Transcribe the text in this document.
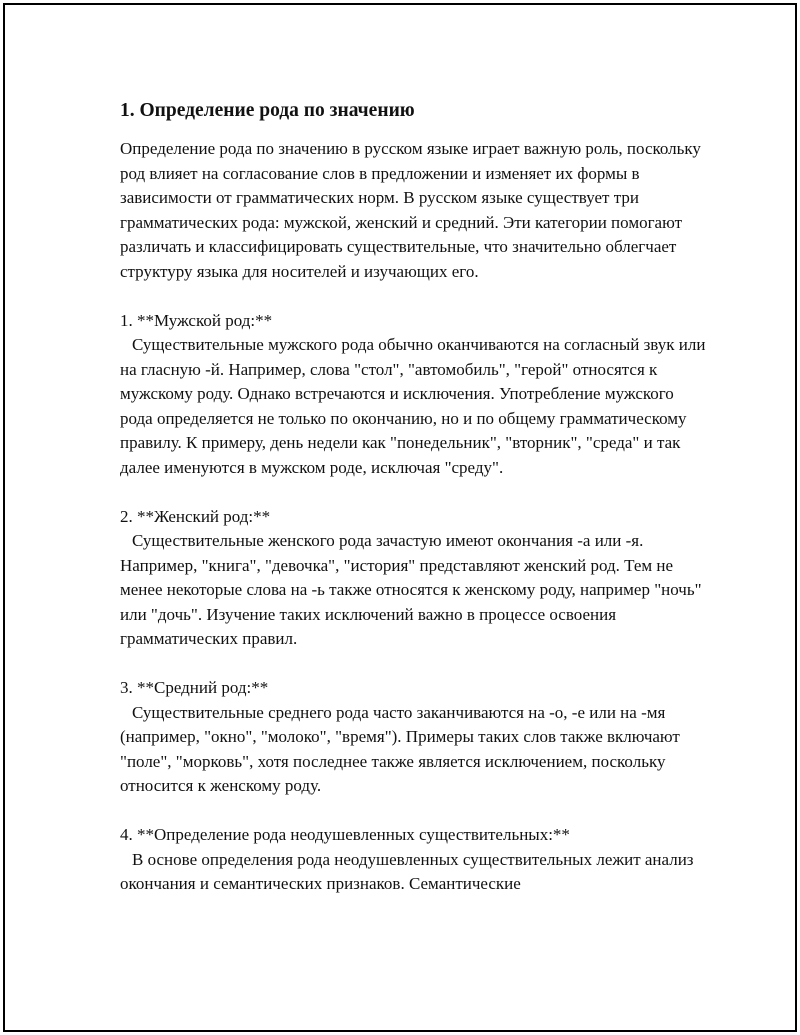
1. Определение рода по значению

Определение рода по значению в русском языке играет важную роль, поскольку род влияет на согласование слов в предложении и изменяет их формы в зависимости от грамматических норм. В русском языке существует три грамматических рода: мужской, женский и средний. Эти категории помогают различать и классифицировать существительные, что значительно облегчает структуру языка для носителей и изучающих его.

1. **Мужской род:**
Существительные мужского рода обычно оканчиваются на согласный звук или на гласную -й. Например, слова "стол", "автомобиль", "герой" относятся к мужскому роду. Однако встречаются и исключения. Употребление мужского рода определяется не только по окончанию, но и по общему грамматическому правилу. К примеру, день недели как "понедельник", "вторник", "среда" и так далее именуются в мужском роде, исключая "среду".
2. **Женский род:**
Существительные женского рода зачастую имеют окончания -а или -я. Например, "книга", "девочка", "история" представляют женский род. Тем не менее некоторые слова на -ь также относятся к женскому роду, например "ночь" или "дочь". Изучение таких исключений важно в процессе освоения грамматических правил.
3. **Средний род:**
Существительные среднего рода часто заканчиваются на -о, -е или на -мя (например, "окно", "молоко", "время"). Примеры таких слов также включают "поле", "морковь", хотя последнее также является исключением, поскольку относится к женскому роду.
4. **Определение рода неодушевленных существительных:**
В основе определения рода неодушевленных существительных лежит анализ окончания и семантических признаков. Семантические
